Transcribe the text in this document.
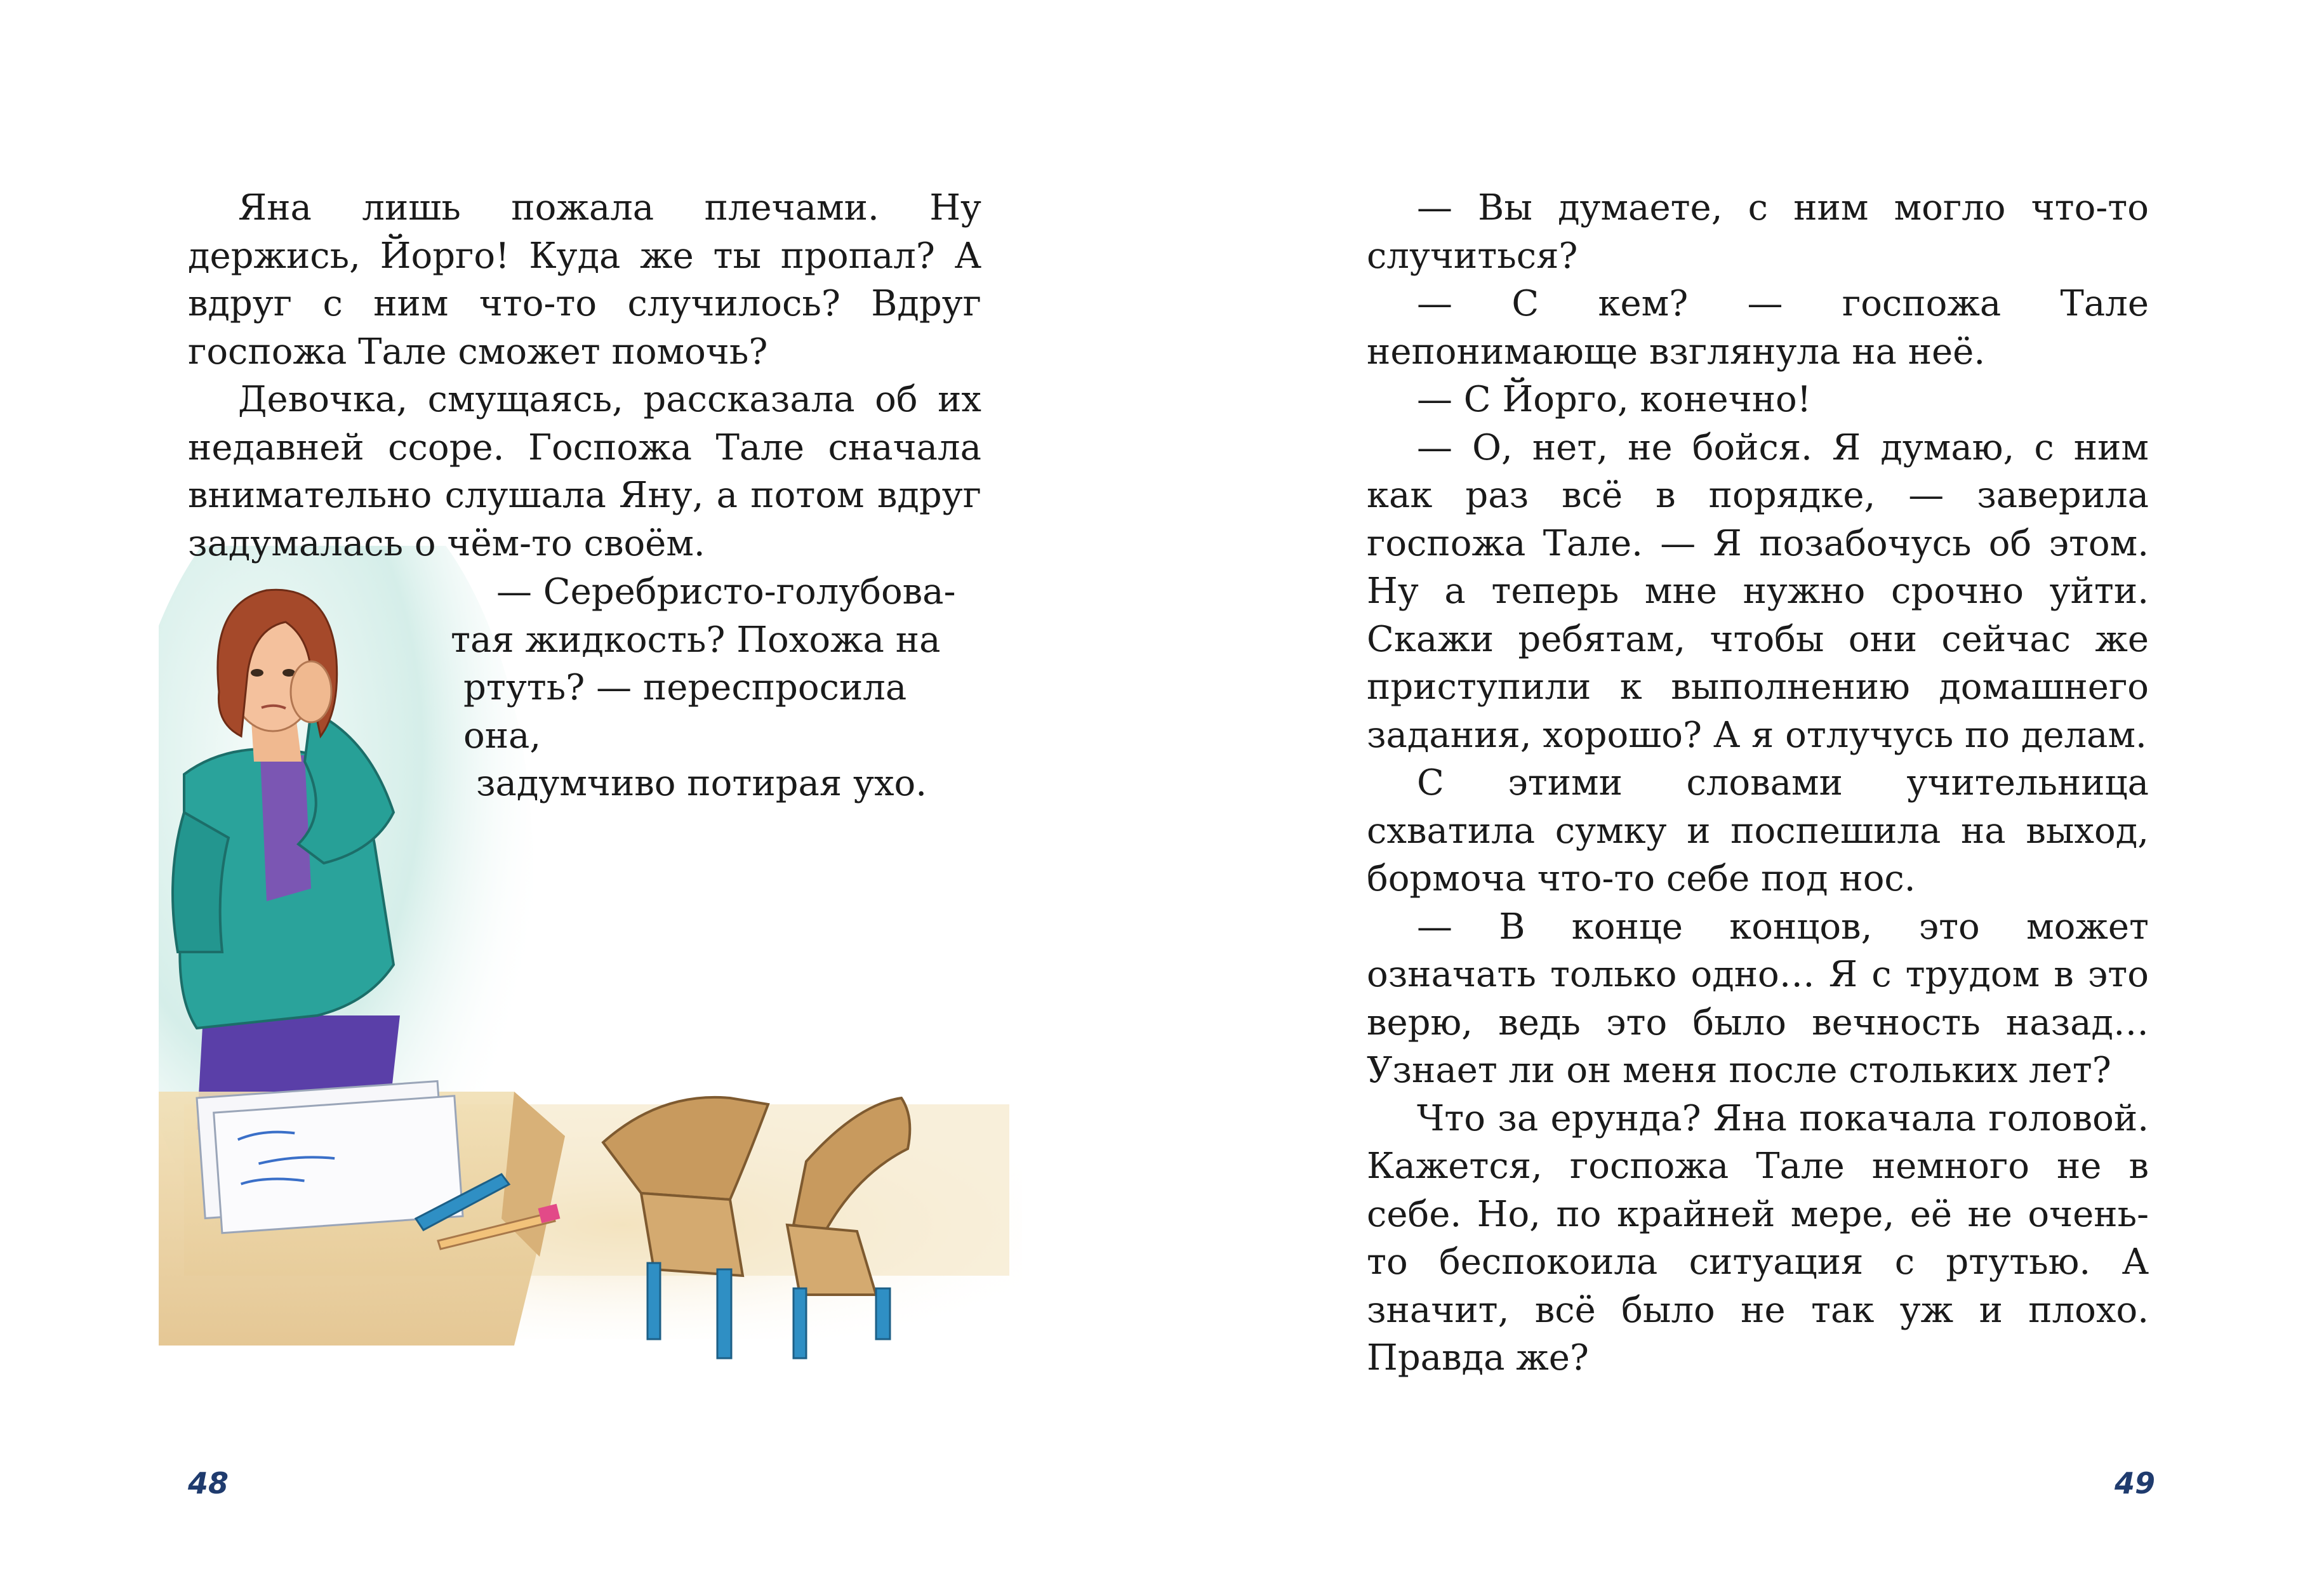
Яна лишь пожала плечами. Ну держись, Йорго! Куда же ты пропал? А вдруг с ним что-то случилось? Вдруг госпожа Тале сможет помочь?

Девочка, смущаясь, рассказала об их недавней ссоре. Госпожа Тале сначала внимательно слушала Яну, а потом вдруг задумалась о чём-то своём.

— Серебристо-голубова-

тая жидкость? Похожа на

ртуть? — переспросила она,

задумчиво потирая ухо.

48

— Вы думаете, с ним могло что-то случиться?

— С кем? — госпожа Тале непонимающе взглянула на неё.

— С Йорго, конечно!

— О, нет, не бойся. Я думаю, с ним как раз всё в порядке, — заверила госпожа Тале. — Я позабочусь об этом. Ну а теперь мне нужно срочно уйти. Скажи ребятам, чтобы они сейчас же приступили к выполнению домашнего задания, хорошо? А я отлучусь по делам.

С этими словами учительница схватила сумку и поспешила на выход, бормоча что-то себе под нос.

— В конце концов, это может означать только одно… Я с трудом в это верю, ведь это было вечность назад… Узнает ли он меня после стольких лет?

Что за ерунда? Яна покачала головой. Кажется, госпожа Тале немного не в себе. Но, по крайней мере, её не очень-то беспокоила ситуация с ртутью. А значит, всё было не так уж и плохо. Правда же?

49
